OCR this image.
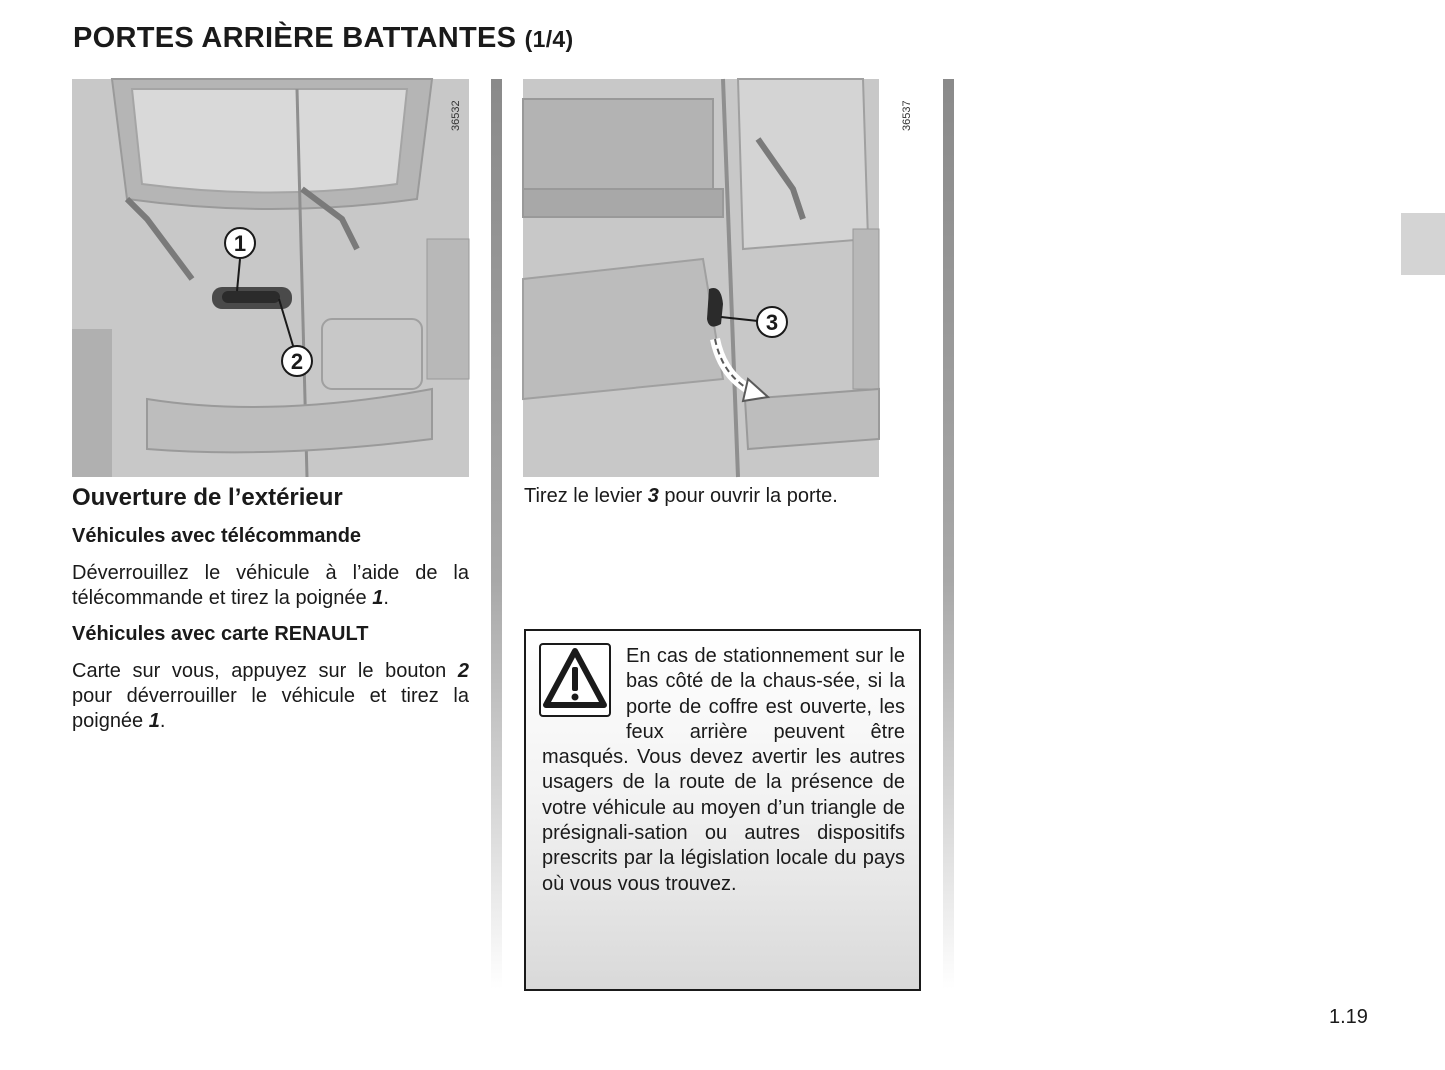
PORTES ARRIÈRE BATTANTES (1/4)
1
2
36532
3
36537
Ouverture de l’extérieur
Véhicules avec télécommande

Déverrouillez le véhicule à l’aide de la télécommande et tirez la poignée 1.

Véhicules avec carte RENAULT

Carte sur vous, appuyez sur le bouton 2 pour déverrouiller le véhicule et tirez la poignée 1.

Tirez le levier 3 pour ouvrir la porte.

En cas de stationnement sur le bas côté de la chaus-sée, si la porte de coffre est ouverte, les feux arrière peuvent être masqués. Vous devez avertir les autres usagers de la route de la présence de votre véhicule au moyen d’un triangle de présignali-sation ou autres dispositifs prescrits par la législation locale du pays où vous vous trouvez.

1.19
